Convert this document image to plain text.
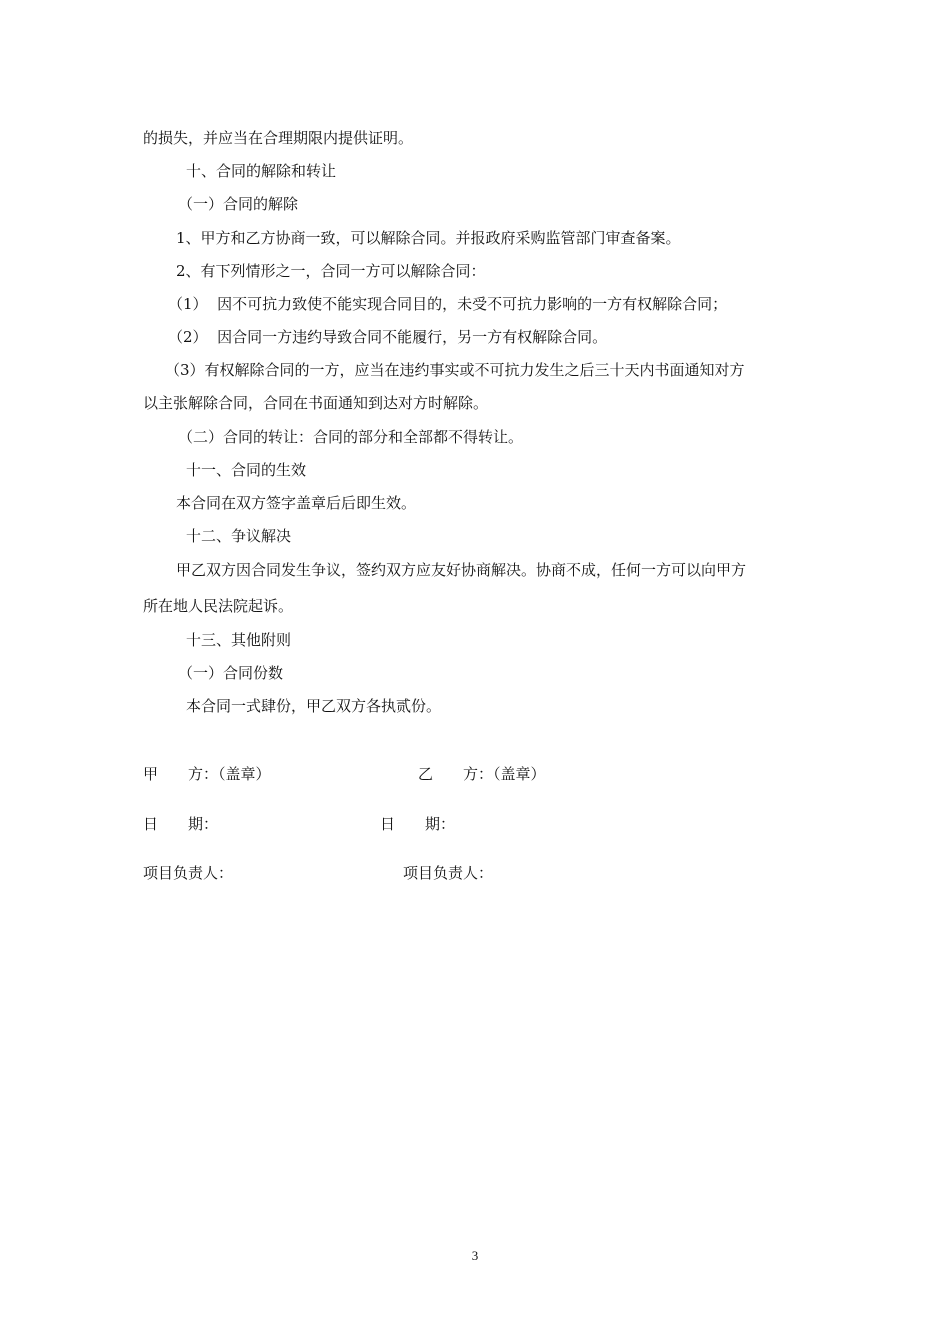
的损失，并应当在合理期限内提供证明。
十、合同的解除和转让
（一）合同的解除
1、甲方和乙方协商一致，可以解除合同。并报政府采购监管部门审查备案。
2、有下列情形之一，合同一方可以解除合同：
（1）  因不可抗力致使不能实现合同目的，未受不可抗力影响的一方有权解除合同；
（2）  因合同一方违约导致合同不能履行，另一方有权解除合同。
（3）有权解除合同的一方，应当在违约事实或不可抗力发生之后三十天内书面通知对方
以主张解除合同，合同在书面通知到达对方时解除。
（二）合同的转让：合同的部分和全部都不得转让。
十一、合同的生效
本合同在双方签字盖章后后即生效。
十二、争议解决
甲乙双方因合同发生争议，签约双方应友好协商解决。协商不成，任何一方可以向甲方
所在地人民法院起诉。
十三、其他附则
（一）合同份数
本合同一式肆份，甲乙双方各执贰份。
甲　　方：（盖章）	乙　　方：（盖章）
日　　期：	日　　期：
项目负责人：	项目负责人：
3
